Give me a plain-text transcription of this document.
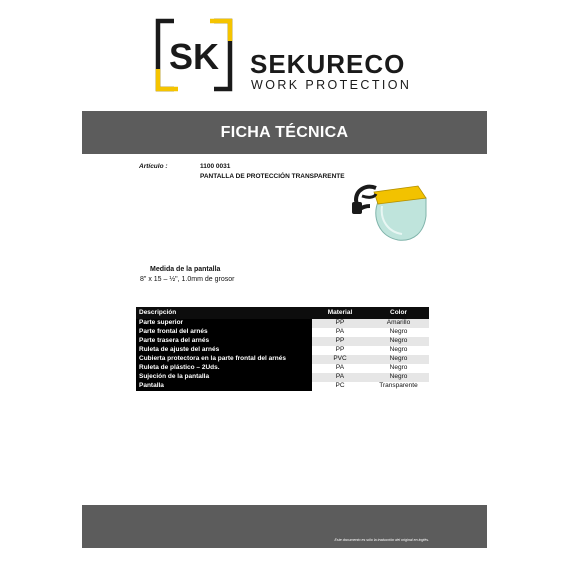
SK SEKURECO
WORK PROTECTION
FICHA TÉCNICA
Artículo :	1100 0031
PANTALLA DE PROTECCIÓN TRANSPARENTE
Medida de la pantalla
8" x 15 – ½", 1.0mm de grosor
Descripción	Material	Color
Parte superior	PP	Amarillo
Parte frontal del arnés	PA	Negro
Parte trasera del arnés	PP	Negro
Ruleta de ajuste del arnés	PP	Negro
Cubierta protectora en la parte frontal del arnés	PVC	Negro
Ruleta de plástico – 2Uds.	PA	Negro
Sujeción de la pantalla	PA	Negro
Pantalla	PC	Transparente
Este documento es sólo la traducción del original en inglés.
